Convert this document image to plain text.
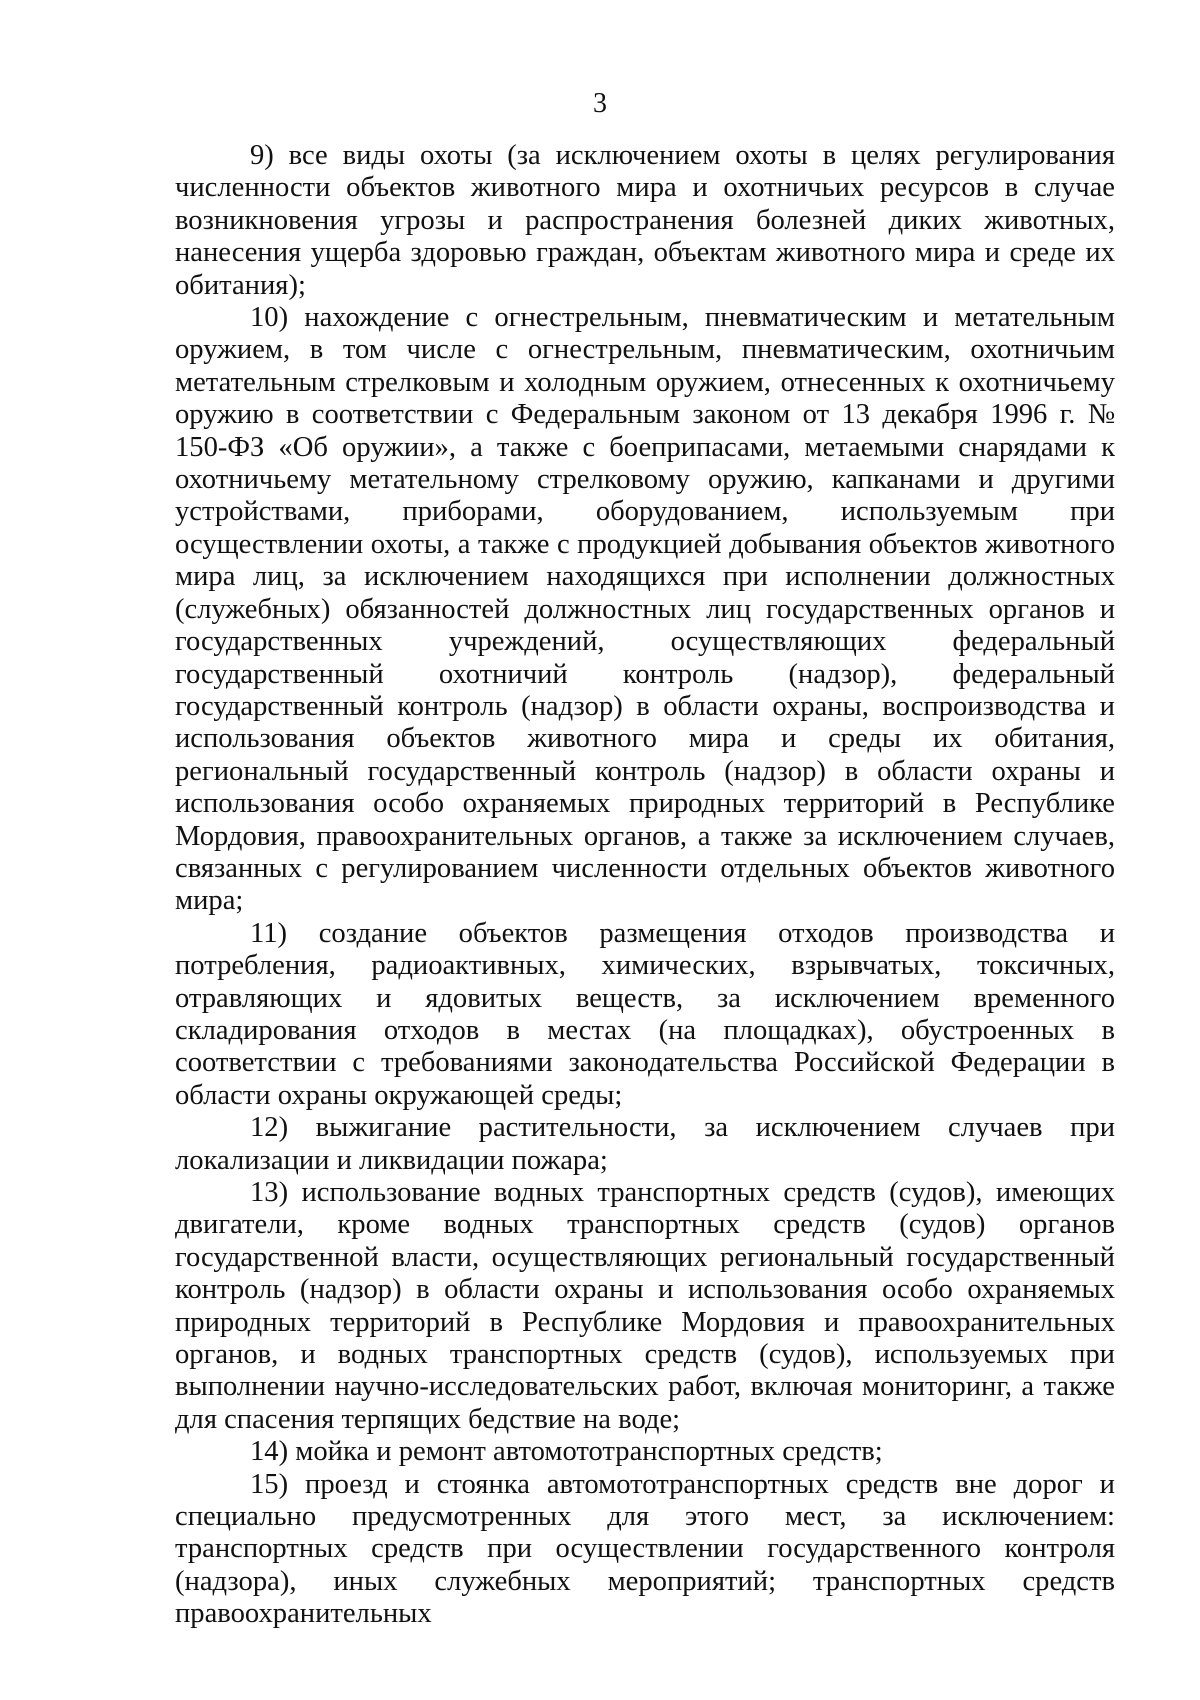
3

9) все виды охоты (за исключением охоты в целях регулирования численности объектов животного мира и охотничьих ресурсов в случае возникновения угрозы и распространения болезней диких животных, нанесения ущерба здоровью граждан, объектам животного мира и среде их обитания);

10) нахождение с огнестрельным, пневматическим и метательным оружием, в том числе с огнестрельным, пневматическим, охотничьим метательным стрелковым и холодным оружием, отнесенных к охотничьему оружию в соответствии с Федеральным законом от 13 декабря 1996 г. № 150-ФЗ «Об оружии», а также с боеприпасами, метаемыми снарядами к охотничьему метательному стрелковому оружию, капканами и другими устройствами, приборами, оборудованием, используемым при осуществлении охоты, а также с продукцией добывания объектов животного мира лиц, за исключением находящихся при исполнении должностных (служебных) обязанностей должностных лиц государственных органов и государственных учреждений, осуществляющих федеральный государственный охотничий контроль (надзор), федеральный государственный контроль (надзор) в области охраны, воспроизводства и использования объектов животного мира и среды их обитания, региональный государственный контроль (надзор) в области охраны и использования особо охраняемых природных территорий в Республике Мордовия, правоохранительных органов, а также за исключением случаев, связанных с регулированием численности отдельных объектов животного мира;

11) создание объектов размещения отходов производства и потребления, радиоактивных, химических, взрывчатых, токсичных, отравляющих и ядовитых веществ, за исключением временного складирования отходов в местах (на площадках), обустроенных в соответствии с требованиями законодательства Российской Федерации в области охраны окружающей среды;

12) выжигание растительности, за исключением случаев при локализации и ликвидации пожара;

13) использование водных транспортных средств (судов), имеющих двигатели, кроме водных транспортных средств (судов) органов государственной власти, осуществляющих региональный государственный контроль (надзор) в области охраны и использования особо охраняемых природных территорий в Республике Мордовия и правоохранительных органов, и водных транспортных средств (судов), используемых при выполнении научно-исследовательских работ, включая мониторинг, а также для спасения терпящих бедствие на воде;

14) мойка и ремонт автомототранспортных средств;

15) проезд и стоянка автомототранспортных средств вне дорог и специально предусмотренных для этого мест, за исключением: транспортных средств при осуществлении государственного контроля (надзора), иных служебных мероприятий; транспортных средств правоохранительных
